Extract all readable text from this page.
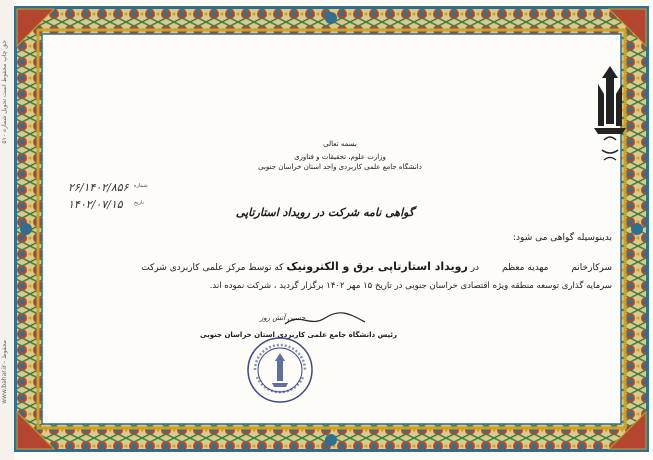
حق چاپ محفوظ است تحویل شماره ۵۱۰
www.bahar.ir - محفوظ
بسمه تعالی
وزارت علوم، تحقیقات و فناوری
دانشگاه جامع علمی کاربردی واحد استان خراسان جنوبی
۲۶/۱۴۰۲/۸۵۶ شماره
۱۴۰۲/۰۷/۱۵ تاریخ
گواهی نامه شرکت در رویداد استارتاپی
بدینوسیله گواهی می شود:
سرکارخانم        مهدیه معظم        در رویداد استارتاپی برق و الکترونیک که توسط مرکز علمی کاربردی شرکت
سرمایه گذاری توسعه منطقه ویژه اقتصادی خراسان جنوبی در تاریخ ۱۵ مهر ۱۴۰۲ برگزار گردید ، شرکت نموده اند.
حسین آتش روز
رئیس دانشگاه جامع علمی کاربردی استان خراسان جنوبی
